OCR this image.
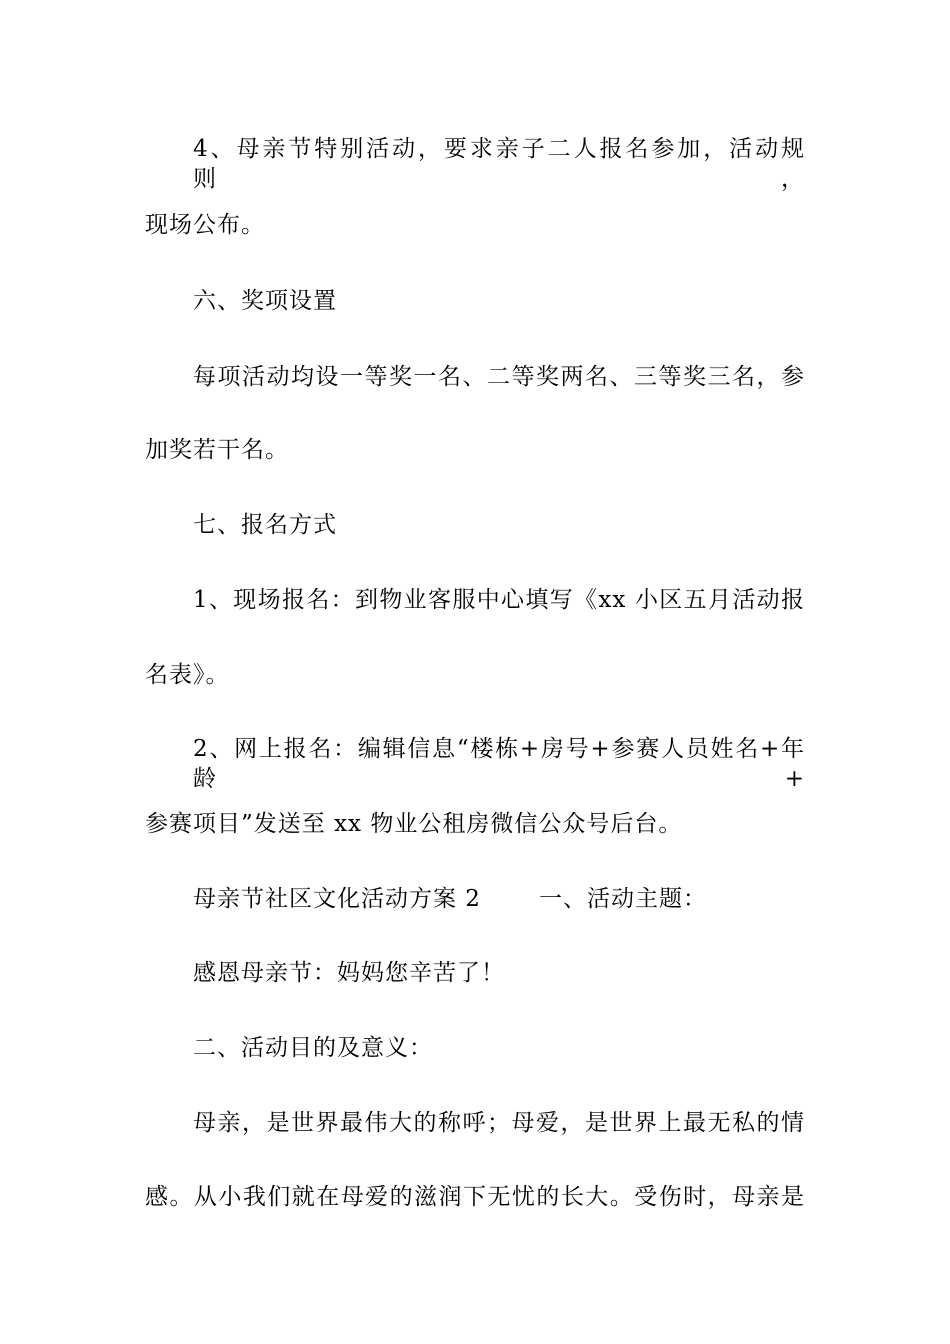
4、母亲节特别活动，要求亲子二人报名参加，活动规则，
现场公布。
六、奖项设置
每项活动均设一等奖一名、二等奖两名、三等奖三名，参
加奖若干名。
七、报名方式
1、现场报名：到物业客服中心填写《xx 小区五月活动报
名表》。
2、网上报名：编辑信息“楼栋+房号+参赛人员姓名+年龄+
参赛项目”发送至 xx 物业公租房微信公众号后台。
母亲节社区文化活动方案 2	一、活动主题：
感恩母亲节：妈妈您辛苦了！
二、活动目的及意义：
母亲，是世界最伟大的称呼；母爱，是世界上最无私的情
感。从小我们就在母爱的滋润下无忧的长大。受伤时，母亲是
